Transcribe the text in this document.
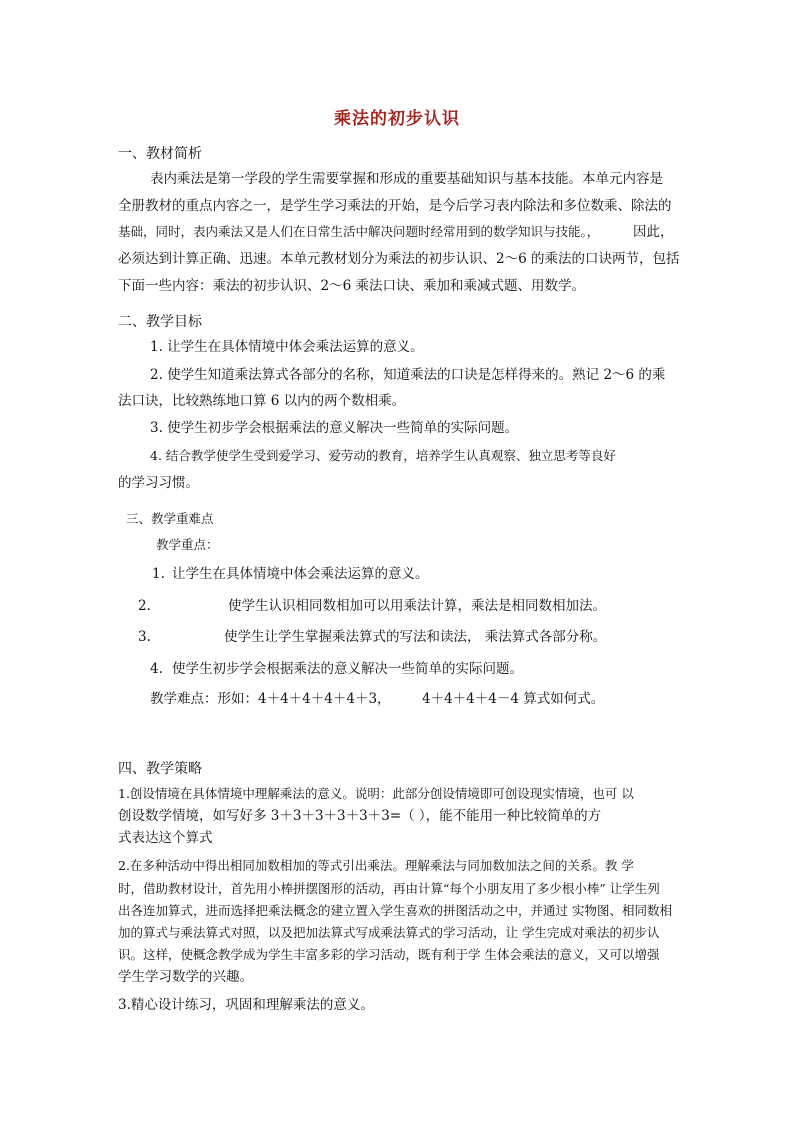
乘法的初步认识
一、教材简析
表内乘法是第一学段的学生需要掌握和形成的重要基础知识与基本技能。本单元内容是
全册教材的重点内容之一，是学生学习乘法的开始，是今后学习表内除法和多位数乘、除法的
基础，同时，表内乘法又是人们在日常生活中解决问题时经常用到的数学知识与技能。， 因此，
必须达到计算正确、迅速。本单元教材划分为乘法的初步认识、2～6 的乘法的口诀两节，包括
下面一些内容：乘法的初步认识、2～6 乘法口诀、乘加和乘减式题、用数学。
二、教学目标
1. 让学生在具体情境中体会乘法运算的意义。
2. 使学生知道乘法算式各部分的名称，知道乘法的口诀是怎样得来的。熟记 2～6 的乘
法口诀，比较熟练地口算 6 以内的两个数相乘。
3. 使学生初步学会根据乘法的意义解决一些简单的实际问题。
4. 结合教学使学生受到爱学习、爱劳动的教育，培养学生认真观察、独立思考等良好
的学习习惯。
三、教学重难点
教学重点：
1. 让学生在具体情境中体会乘法运算的意义。
2.	使学生认识相同数相加可以用乘法计算，乘法是相同数相加法。
3.	使学生让学生掌握乘法算式的写法和读法， 乘法算式各部分称。
4. 使学生初步学会根据乘法的意义解决一些简单的实际问题。
教学难点：形如：4＋4＋4＋4＋4＋3， 4＋4＋4＋4－4 算式如何式。
四、教学策略
1.创设情境在具体情境中理解乘法的意义。说明：此部分创设情境即可创设现实情境，也可 以
创设数学情境，如写好多 3＋3＋3＋3＋3＋3=（ ），能不能用一种比较简单的方
式表达这个算式
2.在多种活动中得出相同加数相加的等式引出乘法。理解乘法与同加数加法之间的关系。教 学
时，借助教材设计，首先用小棒拼摆图形的活动，再由计算“每个小朋友用了多少根小棒” 让学生列
出各连加算式，进而选择把乘法概念的建立置入学生喜欢的拼图活动之中，并通过 实物图、相同数相
加的算式与乘法算式对照，以及把加法算式写成乘法算式的学习活动，让 学生完成对乘法的初步认
识。这样，使概念教学成为学生丰富多彩的学习活动，既有利于学 生体会乘法的意义，又可以增强
学生学习数学的兴趣。
3.精心设计练习，巩固和理解乘法的意义。
